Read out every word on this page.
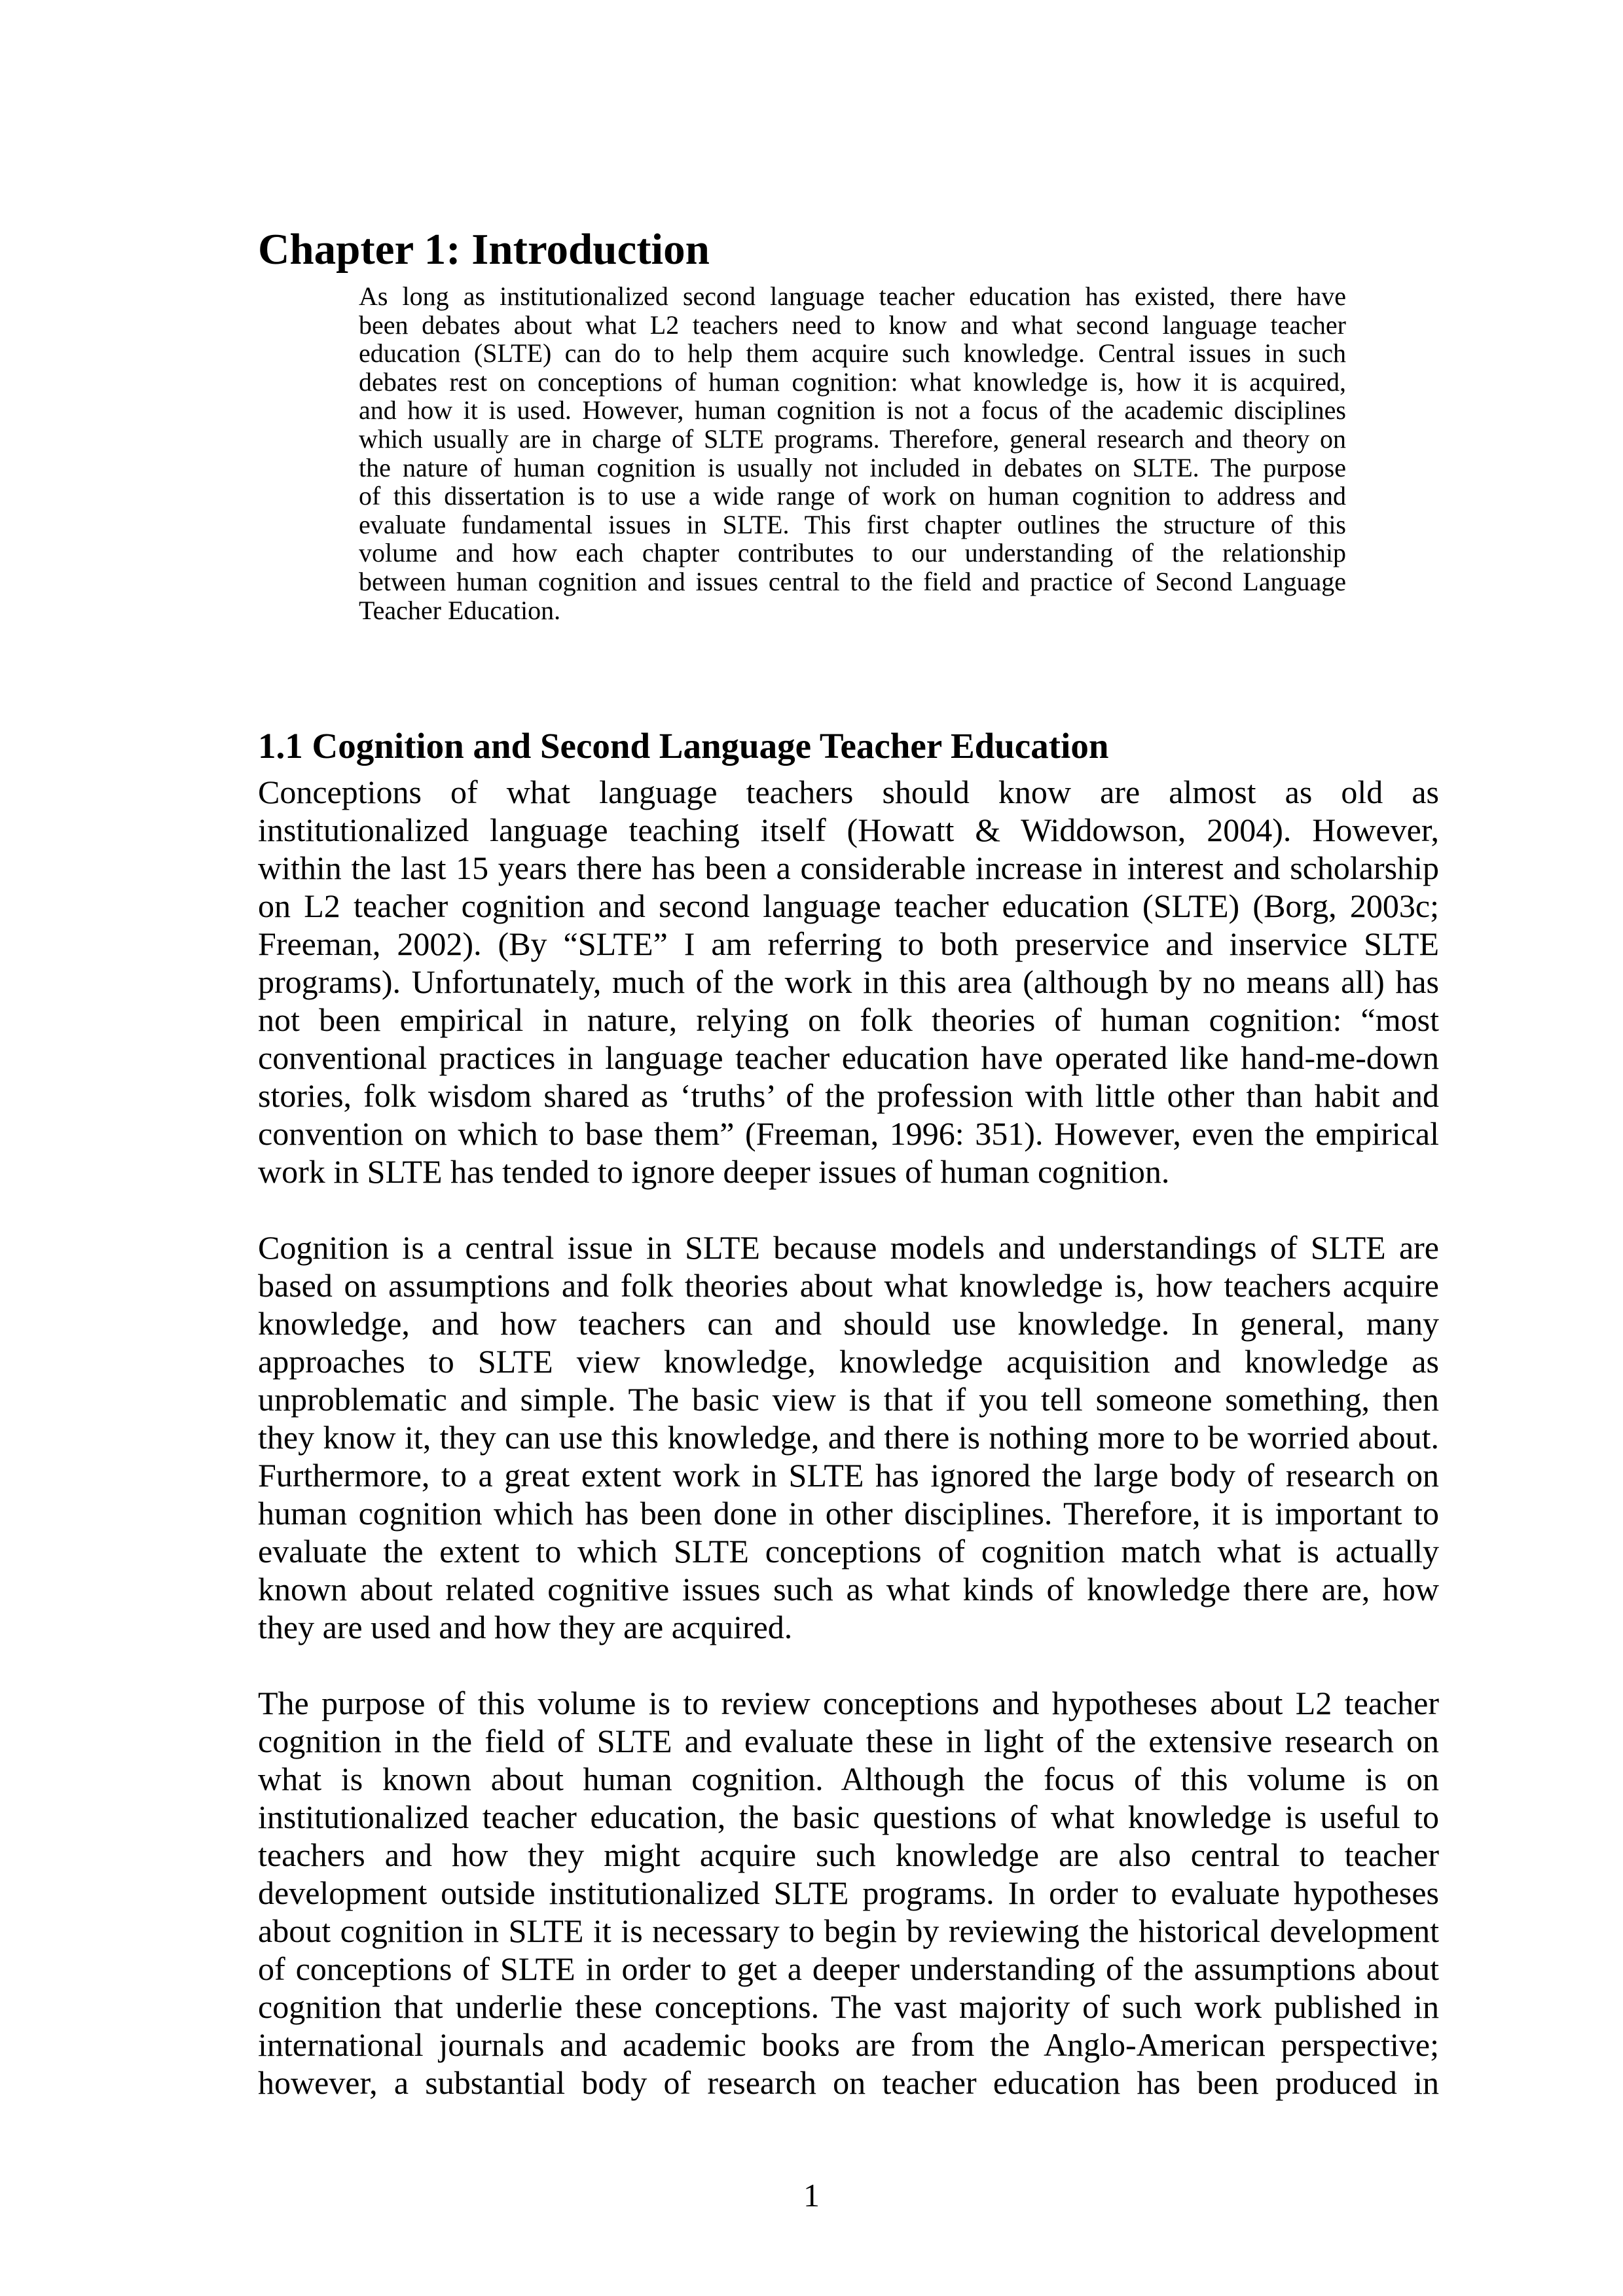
Chapter 1: Introduction
As long as institutionalized second language teacher education has existed, there have
been debates about what L2 teachers need to know and what second language teacher
education (SLTE) can do to help them acquire such knowledge. Central issues in such
debates rest on conceptions of human cognition: what knowledge is, how it is acquired,
and how it is used. However, human cognition is not a focus of the academic disciplines
which usually are in charge of SLTE programs. Therefore, general research and theory on
the nature of human cognition is usually not included in debates on SLTE. The purpose
of this dissertation is to use a wide range of work on human cognition to address and
evaluate fundamental issues in SLTE. This first chapter outlines the structure of this
volume and how each chapter contributes to our understanding of the relationship
between human cognition and issues central to the field and practice of Second Language
Teacher Education.
1.1 Cognition and Second Language Teacher Education
Conceptions of what language teachers should know are almost as old as
institutionalized language teaching itself (Howatt & Widdowson, 2004). However,
within the last 15 years there has been a considerable increase in interest and scholarship
on L2 teacher cognition and second language teacher education (SLTE) (Borg, 2003c;
Freeman, 2002). (By “SLTE” I am referring to both preservice and inservice SLTE
programs). Unfortunately, much of the work in this area (although by no means all) has
not been empirical in nature, relying on folk theories of human cognition: “most
conventional practices in language teacher education have operated like hand-me-down
stories, folk wisdom shared as ‘truths’ of the profession with little other than habit and
convention on which to base them” (Freeman, 1996: 351). However, even the empirical
work in SLTE has tended to ignore deeper issues of human cognition.
Cognition is a central issue in SLTE because models and understandings of SLTE are
based on assumptions and folk theories about what knowledge is, how teachers acquire
knowledge, and how teachers can and should use knowledge. In general, many
approaches to SLTE view knowledge, knowledge acquisition and knowledge as
unproblematic and simple. The basic view is that if you tell someone something, then
they know it, they can use this knowledge, and there is nothing more to be worried about.
Furthermore, to a great extent work in SLTE has ignored the large body of research on
human cognition which has been done in other disciplines. Therefore, it is important to
evaluate the extent to which SLTE conceptions of cognition match what is actually
known about related cognitive issues such as what kinds of knowledge there are, how
they are used and how they are acquired.
The purpose of this volume is to review conceptions and hypotheses about L2 teacher
cognition in the field of SLTE and evaluate these in light of the extensive research on
what is known about human cognition. Although the focus of this volume is on
institutionalized teacher education, the basic questions of what knowledge is useful to
teachers and how they might acquire such knowledge are also central to teacher
development outside institutionalized SLTE programs. In order to evaluate hypotheses
about cognition in SLTE it is necessary to begin by reviewing the historical development
of conceptions of SLTE in order to get a deeper understanding of the assumptions about
cognition that underlie these conceptions. The vast majority of such work published in
international journals and academic books are from the Anglo-American perspective;
however, a substantial body of research on teacher education has been produced in
1
